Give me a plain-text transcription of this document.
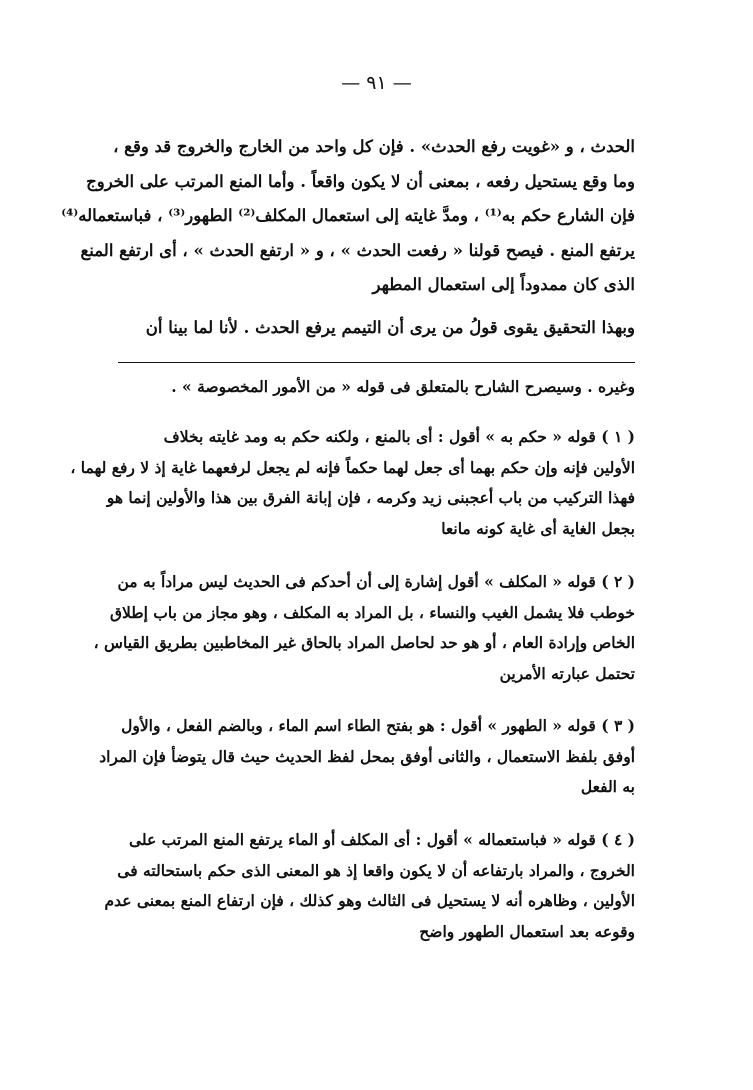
— ٩١ —
الحدث ، و «غويت رفع الحدث» . فإن كل واحد من الخارج والخروج قد وقع ،
وما وقع يستحيل رفعه ، بمعنى أن لا يكون واقعاً . وأما المنع المرتب على الخروج
فإن الشارع حكم به⁽¹⁾ ، ومدَّ غايته إلى استعمال المكلف⁽²⁾ الطهور⁽³⁾ ، فباستعماله⁽⁴⁾
يرتفع المنع . فيصح قولنا « رفعت الحدث » ، و « ارتفع الحدث » ، أى ارتفع المنع
الذى كان ممدوداً إلى استعمال المطهر
وبهذا التحقيق يقوى قولُ من يرى أن التيمم يرفع الحدث . لأنا لما بينا أن
وغيره . وسيصرح الشارح بالمتعلق فى قوله « من الأمور المخصوصة » .
( ١ ) قوله « حكم به » أقول : أى بالمنع ، ولكنه حكم به ومد غايته بخلاف
الأولين فإنه وإن حكم بهما أى جعل لهما حكماً فإنه لم يجعل لرفعهما غاية إذ لا رفع لهما ،
فهذا التركيب من باب أعجبنى زيد وكرمه ، فإن إبانة الفرق بين هذا والأولين إنما هو
بجعل الغاية أى غاية كونه مانعا
( ٢ ) قوله « المكلف » أقول إشارة إلى أن أحدكم فى الحديث ليس مراداً به من
خوطب فلا يشمل الغيب والنساء ، بل المراد به المكلف ، وهو مجاز من باب إطلاق
الخاص وإرادة العام ، أو هو حد لحاصل المراد بالحاق غير المخاطبين بطريق القياس ،
تحتمل عبارته الأمرين
( ٣ ) قوله « الطهور » أقول : هو بفتح الطاء اسم الماء ، وبالضم الفعل ، والأول
أوفق بلفظ الاستعمال ، والثانى أوفق بمحل لفظ الحديث حيث قال يتوضأ فإن المراد
به الفعل
( ٤ ) قوله « فباستعماله » أقول : أى المكلف أو الماء يرتفع المنع المرتب على
الخروج ، والمراد بارتفاعه أن لا يكون واقعا إذ هو المعنى الذى حكم باستحالته فى
الأولين ، وظاهره أنه لا يستحيل فى الثالث وهو كذلك ، فإن ارتفاع المنع بمعنى عدم
وقوعه بعد استعمال الطهور واضح
